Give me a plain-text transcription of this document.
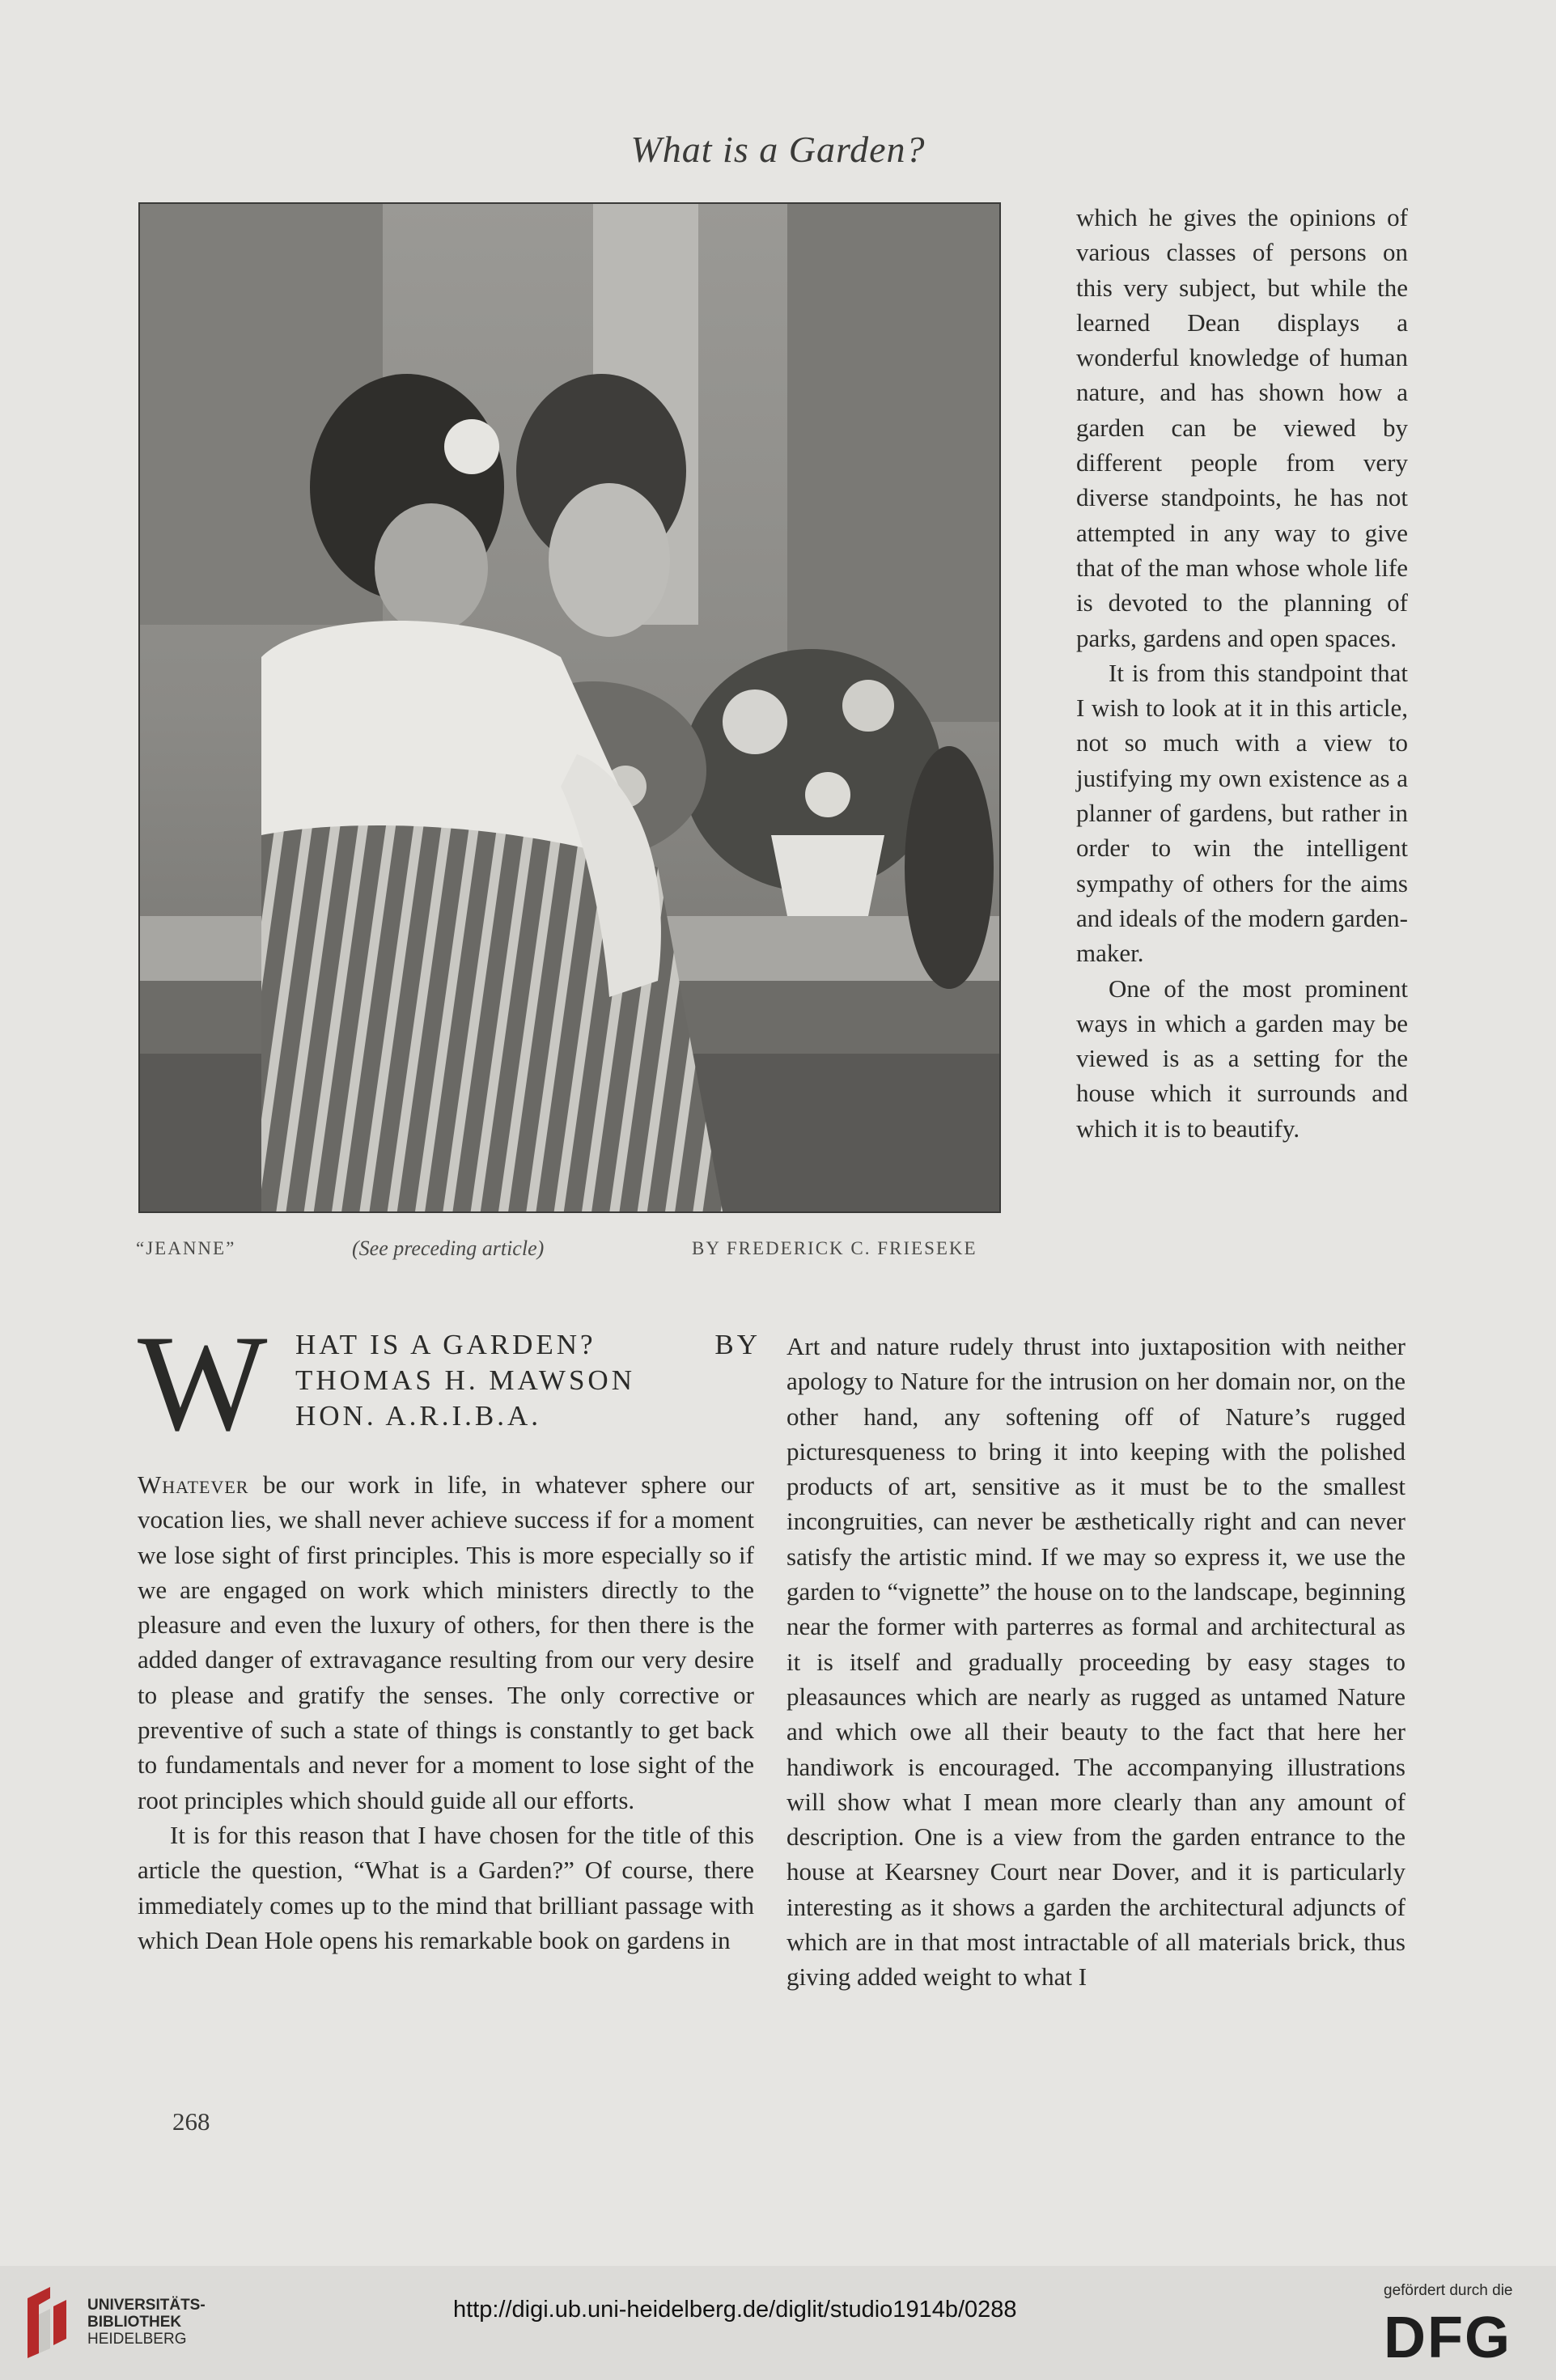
What is a Garden?
“JEANNE”	(See preceding article)	BY FREDERICK C. FRIESEKE

which he gives the opinions of various classes of persons on this very subject, but while the learned Dean displays a wonderful knowledge of human nature, and has shown how a garden can be viewed by different people from very diverse standpoints, he has not attempted in any way to give that of the man whose whole life is devoted to the planning of parks, gardens and open spaces.

It is from this standpoint that I wish to look at it in this article, not so much with a view to justifying my own existence as a planner of gardens, but rather in order to win the intelligent sympathy of others for the aims and ideals of the modern garden-maker.

One of the most prominent ways in which a garden may be viewed is as a setting for the house which it surrounds and which it is to beautify.

W HAT IS A GARDEN?	BY
THOMAS H. MAWSON
HON. A.R.I.B.A.

Whatever be our work in life, in whatever sphere our vocation lies, we shall never achieve success if for a moment we lose sight of first principles. This is more especially so if we are engaged on work which ministers directly to the pleasure and even the luxury of others, for then there is the added danger of extravagance resulting from our very desire to please and gratify the senses. The only corrective or preventive of such a state of things is constantly to get back to fundamentals and never for a moment to lose sight of the root principles which should guide all our efforts.

It is for this reason that I have chosen for the title of this article the question, “What is a Garden?” Of course, there immediately comes up to the mind that brilliant passage with which Dean Hole opens his remarkable book on gardens in

Art and nature rudely thrust into juxtaposition with neither apology to Nature for the intrusion on her domain nor, on the other hand, any softening off of Nature’s rugged picturesqueness to bring it into keeping with the polished products of art, sensitive as it must be to the smallest incongruities, can never be æsthetically right and can never satisfy the artistic mind. If we may so express it, we use the garden to “vignette” the house on to the landscape, beginning near the former with parterres as formal and architectural as it is itself and gradually proceeding by easy stages to pleasaunces which are nearly as rugged as untamed Nature and which owe all their beauty to the fact that here her handiwork is encouraged. The accompanying illustrations will show what I mean more clearly than any amount of description. One is a view from the garden entrance to the house at Kearsney Court near Dover, and it is particularly interesting as it shows a garden the architectural adjuncts of which are in that most intractable of all materials brick, thus giving added weight to what I

268
UNIVERSITÄTS-
BIBLIOTHEK
HEIDELBERG
http://digi.ub.uni-heidelberg.de/diglit/studio1914b/0288
gefördert durch die
DFG
